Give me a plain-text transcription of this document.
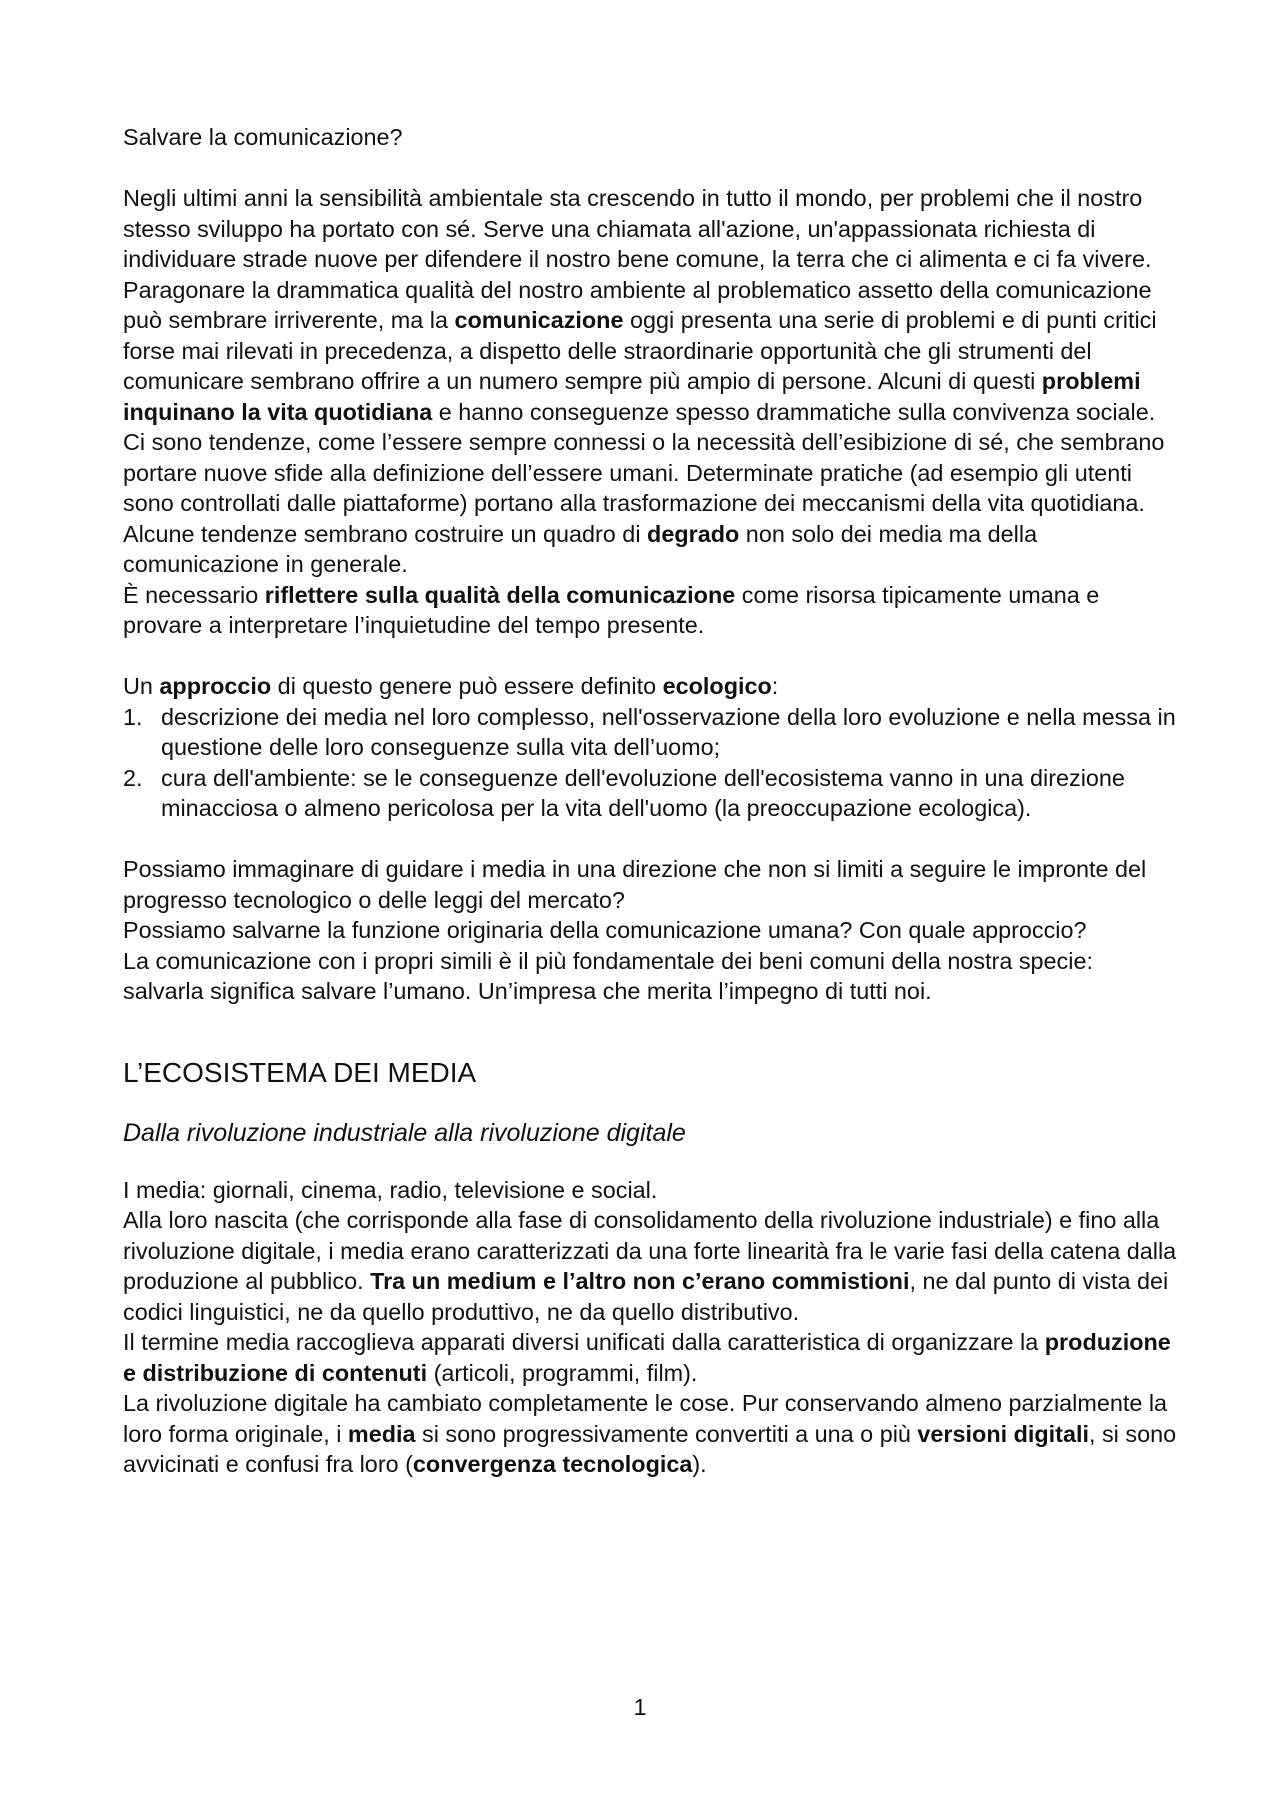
Salvare la comunicazione?

Negli ultimi anni la sensibilità ambientale sta crescendo in tutto il mondo, per problemi che il nostro stesso sviluppo ha portato con sé. Serve una chiamata all'azione, un'appassionata richiesta di individuare strade nuove per difendere il nostro bene comune, la terra che ci alimenta e ci fa vivere.

Paragonare la drammatica qualità del nostro ambiente al problematico assetto della comunicazione può sembrare irriverente, ma la comunicazione oggi presenta una serie di problemi e di punti critici forse mai rilevati in precedenza, a dispetto delle straordinarie opportunità che gli strumenti del comunicare sembrano offrire a un numero sempre più ampio di persone. Alcuni di questi problemi inquinano la vita quotidiana e hanno conseguenze spesso drammatiche sulla convivenza sociale.

Ci sono tendenze, come l’essere sempre connessi o la necessità dell’esibizione di sé, che sembrano portare nuove sfide alla definizione dell’essere umani. Determinate pratiche (ad esempio gli utenti sono controllati dalle piattaforme) portano alla trasformazione dei meccanismi della vita quotidiana. Alcune tendenze sembrano costruire un quadro di degrado non solo dei media ma della comunicazione in generale.

È necessario riflettere sulla qualità della comunicazione come risorsa tipicamente umana e provare a interpretare l’inquietudine del tempo presente.

Un approccio di questo genere può essere definito ecologico:

1. descrizione dei media nel loro complesso, nell'osservazione della loro evoluzione e nella messa in questione delle loro conseguenze sulla vita dell’uomo;
2. cura dell'ambiente: se le conseguenze dell'evoluzione dell'ecosistema vanno in una direzione minacciosa o almeno pericolosa per la vita dell'uomo (la preoccupazione ecologica).

Possiamo immaginare di guidare i media in una direzione che non si limiti a seguire le impronte del progresso tecnologico o delle leggi del mercato?

Possiamo salvarne la funzione originaria della comunicazione umana? Con quale approccio?

La comunicazione con i propri simili è il più fondamentale dei beni comuni della nostra specie: salvarla significa salvare l’umano. Un’impresa che merita l’impegno di tutti noi.

L’ECOSISTEMA DEI MEDIA

Dalla rivoluzione industriale alla rivoluzione digitale

I media: giornali, cinema, radio, televisione e social.

Alla loro nascita (che corrisponde alla fase di consolidamento della rivoluzione industriale) e fino alla rivoluzione digitale, i media erano caratterizzati da una forte linearità fra le varie fasi della catena dalla produzione al pubblico. Tra un medium e l’altro non c’erano commistioni, ne dal punto di vista dei codici linguistici, ne da quello produttivo, ne da quello distributivo.

Il termine media raccoglieva apparati diversi unificati dalla caratteristica di organizzare la produzione e distribuzione di contenuti (articoli, programmi, film).

La rivoluzione digitale ha cambiato completamente le cose. Pur conservando almeno parzialmente la loro forma originale, i media si sono progressivamente convertiti a una o più versioni digitali, si sono avvicinati e confusi fra loro (convergenza tecnologica).

1
